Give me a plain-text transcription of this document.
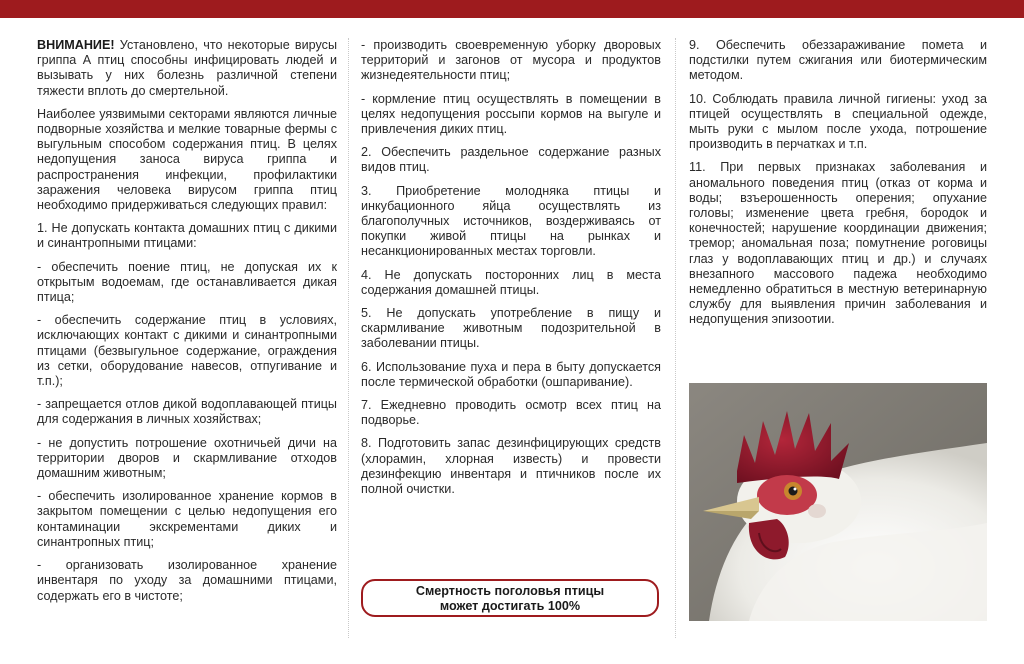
ВНИМАНИЕ! Установлено, что некоторые вирусы гриппа А птиц способны инфицировать людей и вызывать у них болезнь различной степени тяжести вплоть до смертельной.

Наиболее уязвимыми секторами являются личные подворные хозяйства и мелкие товарные фермы с выгульным способом содержания птиц. В целях недопущения заноса вируса гриппа и распространения инфекции, профилактики заражения человека вирусом гриппа птиц необходимо придерживаться следующих правил:

1. Не допускать контакта домашних птиц с дикими и синантропными птицами:

- обеспечить поение птиц, не допуская их к открытым водоемам, где останавливается дикая птица;

- обеспечить содержание птиц в условиях, исключающих контакт с дикими и синантропными птицами (безвыгульное содержание, ограждения из сетки, оборудование навесов, отпугивание и т.п.);

- запрещается отлов дикой водоплавающей птицы для содержания в личных хозяйствах;

- не допустить потрошение охотничьей дичи на территории дворов и скармливание отходов домашним животным;

- обеспечить изолированное хранение кормов в закрытом помещении с целью недопущения его контаминации экскрементами диких и синантропных птиц;

- организовать изолированное хранение инвентаря по уходу за домашними птицами, содержать его в чистоте;

- производить своевременную уборку дворовых территорий и загонов от мусора и продуктов жизнедеятельности птиц;

- кормление птиц осуществлять в помещении в целях недопущения россыпи кормов на выгуле и привлечения диких птиц.

2. Обеспечить раздельное содержание разных видов птиц.

3. Приобретение молодняка птицы и инкубационного яйца осуществлять из благополучных источников, воздерживаясь от покупки живой птицы на рынках и несанкционированных местах торговли.

4. Не допускать посторонних лиц в места содержания домашней птицы.

5. Не допускать употребление в пищу и скармливание животным подозрительной в заболевании птицы.

6. Использование пуха и пера в быту допускается после термической обработки (ошпаривание).

7. Ежедневно проводить осмотр всех птиц на подворье.

8. Подготовить запас дезинфицирующих средств (хлорамин, хлорная известь) и провести дезинфекцию инвентаря и птичников после их полной очистки.

Смертность поголовья птицы
может достигать 100%

9. Обеспечить обеззараживание помета и подстилки путем сжигания или биотермическим методом.

10. Соблюдать правила личной гигиены: уход за птицей осуществлять в специальной одежде, мыть руки с мылом после ухода, потрошение производить в перчатках и т.п.

11. При первых признаках заболевания и аномального поведения птиц (отказ от корма и воды; взъерошенность оперения; опухание головы; изменение цвета гребня, бородок и конечностей; нарушение координации движения; тремор; аномальная поза; помутнение роговицы глаз у водоплавающих птиц и др.) и случаях внезапного массового падежа необходимо немедленно обратиться в местную ветеринарную службу для выявления причин заболевания и недопущения эпизоотии.
